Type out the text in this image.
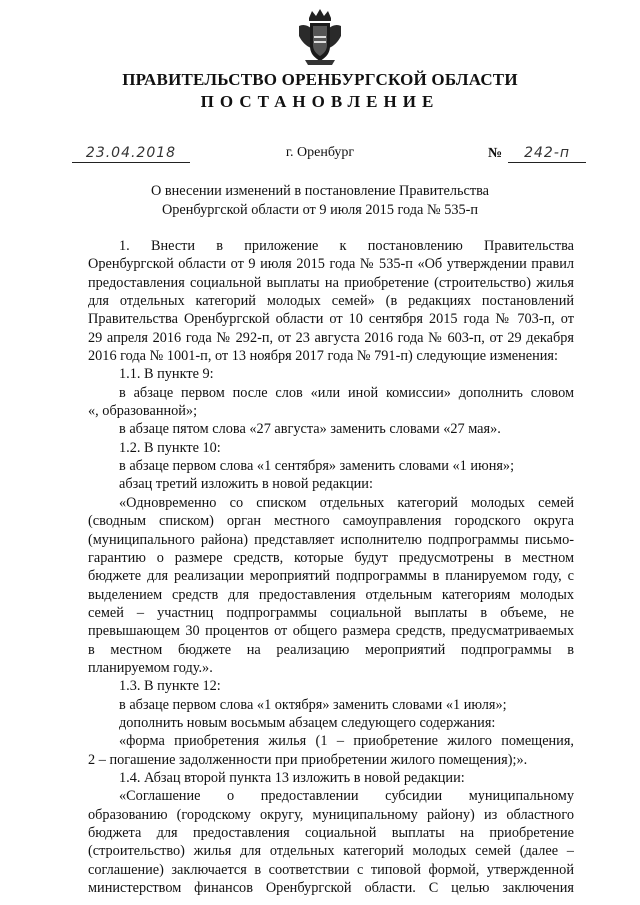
ПРАВИТЕЛЬСТВО ОРЕНБУРГСКОЙ ОБЛАСТИ
ПОСТАНОВЛЕНИЕ
23.04.2018	г. Оренбург	№ 242-п
О внесении изменений в постановление Правительства
Оренбургской области от 9 июля 2015 года № 535-п
1. Внести в приложение к постановлению Правительства
Оренбургской области от 9 июля 2015 года № 535-п «Об утверждении правил
предоставления социальной выплаты на приобретение (строительство) жилья
для отдельных категорий молодых семей» (в редакциях постановлений
Правительства Оренбургской области от 10 сентября 2015 года № 703-п, от
29 апреля 2016 года № 292-п, от 23 августа 2016 года № 603-п, от 29 декабря
2016 года № 1001-п, от 13 ноября 2017 года № 791-п) следующие изменения:
1.1. В пункте 9:
в абзаце первом после слов «или иной комиссии» дополнить словом
«, образованной»;
в абзаце пятом слова «27 августа» заменить словами «27 мая».
1.2. В пункте 10:
в абзаце первом слова «1 сентября» заменить словами «1 июня»;
абзац третий изложить в новой редакции:
«Одновременно со списком отдельных категорий молодых семей
(сводным списком) орган местного самоуправления городского округа
(муниципального района) представляет исполнителю подпрограммы письмо-
гарантию о размере средств, которые будут предусмотрены в местном
бюджете для реализации мероприятий подпрограммы в планируемом году, с
выделением средств для предоставления отдельным категориям молодых
семей – участниц подпрограммы социальной выплаты в объеме, не
превышающем 30 процентов от общего размера средств, предусматриваемых
в местном бюджете на реализацию мероприятий подпрограммы в
планируемом году.».
1.3. В пункте 12:
в абзаце первом слова «1 октября» заменить словами «1 июля»;
дополнить новым восьмым абзацем следующего содержания:
«форма приобретения жилья (1 – приобретение жилого помещения,
2 – погашение задолженности при приобретении жилого помещения);».
1.4. Абзац второй пункта 13 изложить в новой редакции:
«Соглашение о предоставлении субсидии муниципальному
образованию (городскому округу, муниципальному району) из областного
бюджета для предоставления социальной выплаты на приобретение
(строительство) жилья для отдельных категорий молодых семей (далее –
соглашение) заключается в соответствии с типовой формой, утвержденной
министерством финансов Оренбургской области. С целью заключения
